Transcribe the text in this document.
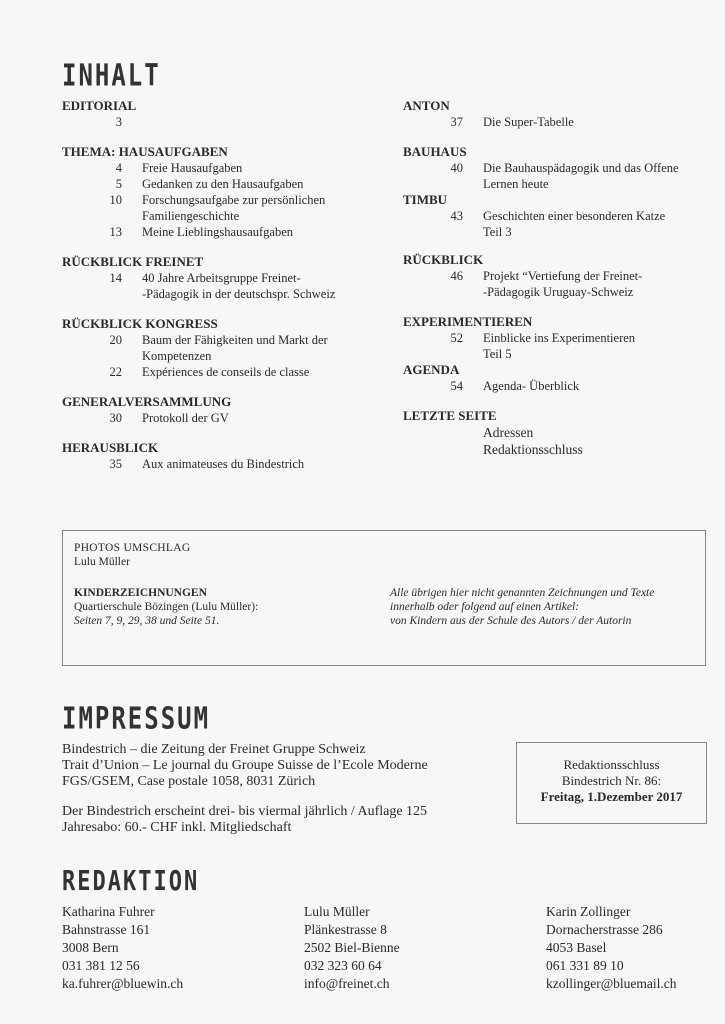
INHALT
EDITORIAL
3
THEMA: HAUSAUFGABEN
4	Freie Hausaufgaben
5	Gedanken zu den Hausaufgaben
10	Forschungsaufgabe zur persönlichen
Familiengeschichte
13	Meine Lieblingshausaufgaben
RÜCKBLICK FREINET
14	40 Jahre Arbeitsgruppe Freinet-
-Pädagogik in der deutschspr. Schweiz
RÜCKBLICK KONGRESS
20	Baum der Fähigkeiten und Markt der
Kompetenzen
22	Expériences de conseils de classe
GENERALVERSAMMLUNG
30	Protokoll der GV
HERAUSBLICK
35	Aux animateuses du Bindestrich
ANTON
37	Die Super-Tabelle
BAUHAUS
40	Die Bauhauspädagogik und das Offene
Lernen heute
TIMBU
43	Geschichten einer besonderen Katze
Teil 3
RÜCKBLICK
46	Projekt “Vertiefung der Freinet-
-Pädagogik Uruguay-Schweiz
EXPERIMENTIEREN
52	Einblicke ins Experimentieren
Teil 5
AGENDA
54	Agenda- Überblick
LETZTE SEITE
Adressen
Redaktionsschluss
PHOTOS UMSCHLAG
Lulu Müller
KINDERZEICHNUNGEN
Quartierschule Bözingen (Lulu Müller):
Seiten 7, 9, 29, 38 und Seite 51.
Alle übrigen hier nicht genannten Zeichnungen und Texte
innerhalb oder folgend auf einen Artikel:
von Kindern aus der Schule des Autors / der Autorin
IMPRESSUM
Bindestrich – die Zeitung der Freinet Gruppe Schweiz
Trait d’Union – Le journal du Groupe Suisse de l’Ecole Moderne
FGS/GSEM, Case postale 1058, 8031 Zürich
Der Bindestrich erscheint drei- bis viermal jährlich / Auflage 125
Jahresabo: 60.- CHF inkl. Mitgliedschaft
Redaktionsschluss
Bindestrich Nr. 86:
Freitag, 1.Dezember 2017
REDAKTION
Katharina Fuhrer
Bahnstrasse 161
3008 Bern
031 381 12 56
ka.fuhrer@bluewin.ch
Lulu Müller
Plänkestrasse 8
2502 Biel-Bienne
032 323 60 64
info@freinet.ch
Karin Zollinger
Dornacherstrasse 286
4053 Basel
061 331 89 10
kzollinger@bluemail.ch
